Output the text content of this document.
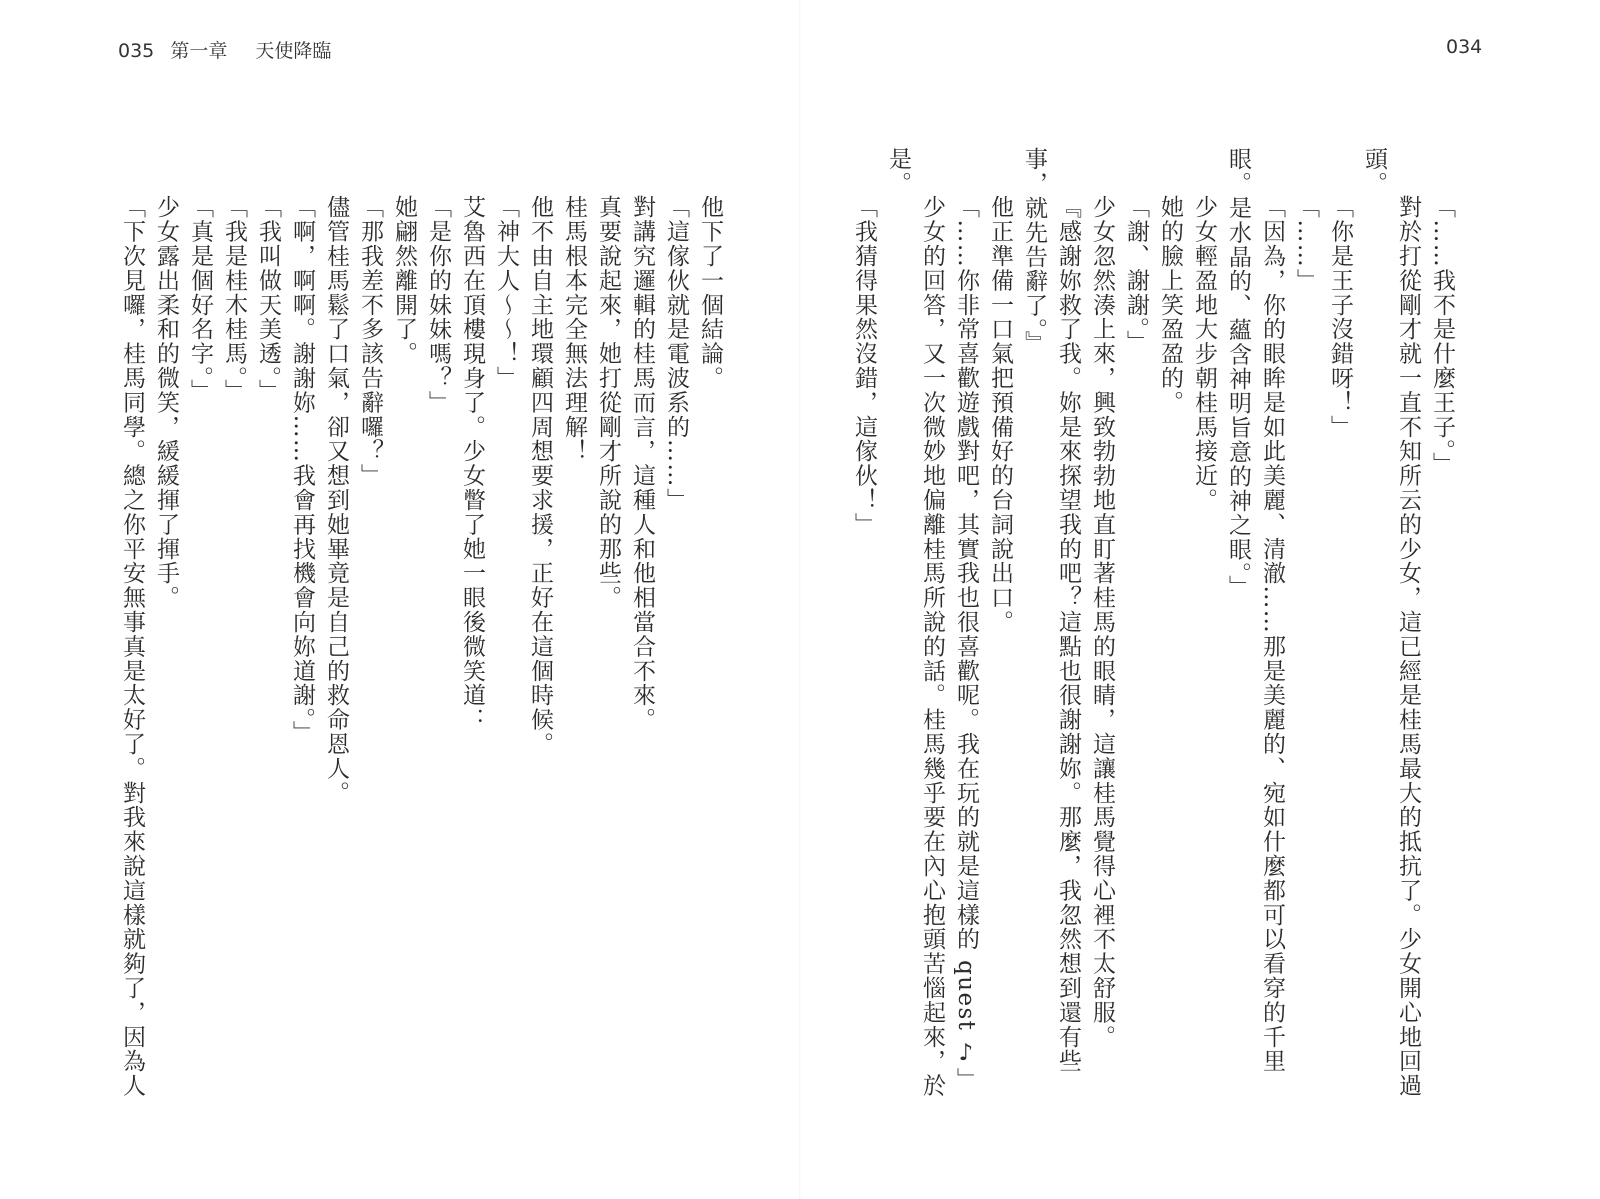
035 第一章 天使降臨	034
「……我不是什麼王子。」
對於打從剛才就一直不知所云的少女，這已經是桂馬最大的抵抗了。少女開心地回過
頭。
「你是王子沒錯呀！」
「……」
「因為，你的眼眸是如此美麗、清澈……那是美麗的、宛如什麼都可以看穿的千里
眼。是水晶的、蘊含神明旨意的神之眼。」
少女輕盈地大步朝桂馬接近。
她的臉上笑盈盈的。
「謝、謝謝。」
少女忽然湊上來，興致勃勃地直盯著桂馬的眼睛，這讓桂馬覺得心裡不太舒服。
『感謝妳救了我。妳是來探望我的吧？這點也很謝謝妳。那麼，我忽然想到還有些
事，就先告辭了。』
他正準備一口氣把預備好的台詞說出口。
「……你非常喜歡遊戲對吧，其實我也很喜歡呢。我在玩的就是這樣的 quest ♪」
少女的回答，又一次微妙地偏離桂馬所說的話。桂馬幾乎要在內心抱頭苦惱起來，於
是。
「我猜得果然沒錯，這傢伙！」
他下了一個結論。
「這傢伙就是電波系的……」
對講究邏輯的桂馬而言，這種人和他相當合不來。
真要說起來，她打從剛才所說的那些。
桂馬根本完全無法理解！
他不由自主地環顧四周想要求援，正好在這個時候。
「神大人～～！」
艾魯西在頂樓現身了。少女瞥了她一眼後微笑道：
「是你的妹妹嗎？」
她翩然離開了。
「那我差不多該告辭囉？」
儘管桂馬鬆了口氣，卻又想到她畢竟是自己的救命恩人。
「啊，啊啊。謝謝妳……我會再找機會向妳道謝。」
「我叫做天美透。」
「我是桂木桂馬。」
「真是個好名字。」
少女露出柔和的微笑，緩緩揮了揮手。
「下次見囉，桂馬同學。總之你平安無事真是太好了。對我來說這樣就夠了，因為人
